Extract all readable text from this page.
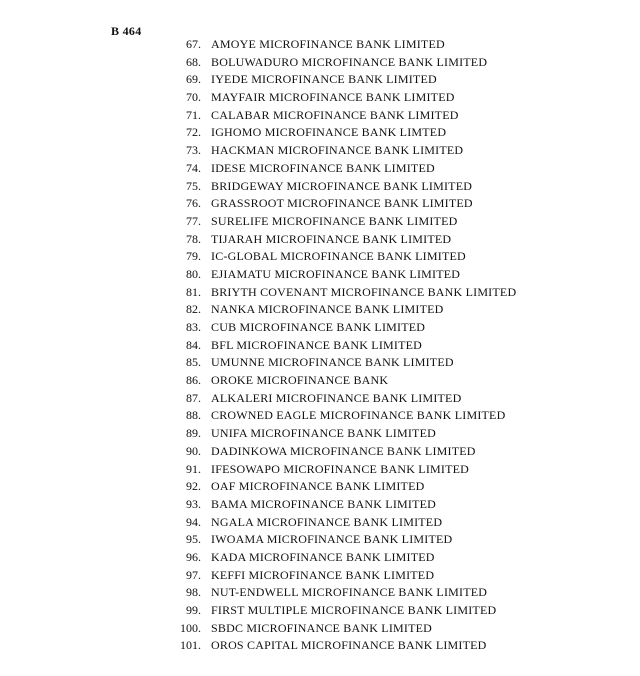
B 464
67. AMOYE MICROFINANCE BANK LIMITED
68. BOLUWADURO MICROFINANCE BANK LIMITED
69. IYEDE MICROFINANCE BANK LIMITED
70. MAYFAIR MICROFINANCE BANK LIMITED
71. CALABAR MICROFINANCE BANK LIMITED
72. IGHOMO MICROFINANCE BANK LIMTED
73. HACKMAN MICROFINANCE BANK LIMITED
74. IDESE MICROFINANCE BANK LIMITED
75. BRIDGEWAY MICROFINANCE BANK LIMITED
76. GRASSROOT MICROFINANCE BANK LIMITED
77. SURELIFE MICROFINANCE BANK LIMITED
78. TIJARAH MICROFINANCE BANK LIMITED
79. IC-GLOBAL MICROFINANCE BANK LIMITED
80. EJIAMATU MICROFINANCE BANK LIMITED
81. BRIYTH COVENANT MICROFINANCE BANK LIMITED
82. NANKA MICROFINANCE BANK LIMITED
83. CUB MICROFINANCE BANK LIMITED
84. BFL MICROFINANCE BANK LIMITED
85. UMUNNE MICROFINANCE BANK LIMITED
86. OROKE MICROFINANCE BANK
87. ALKALERI MICROFINANCE BANK LIMITED
88. CROWNED EAGLE MICROFINANCE BANK LIMITED
89. UNIFA MICROFINANCE BANK LIMITED
90. DADINKOWA MICROFINANCE BANK LIMITED
91. IFESOWAPO MICROFINANCE BANK LIMITED
92. OAF MICROFINANCE BANK LIMITED
93. BAMA MICROFINANCE BANK LIMITED
94. NGALA MICROFINANCE BANK LIMITED
95. IWOAMA MICROFINANCE BANK LIMITED
96. KADA MICROFINANCE BANK LIMITED
97. KEFFI MICROFINANCE BANK LIMITED
98. NUT-ENDWELL MICROFINANCE BANK LIMITED
99. FIRST MULTIPLE MICROFINANCE BANK LIMITED
100. SBDC MICROFINANCE BANK LIMITED
101. OROS CAPITAL MICROFINANCE BANK LIMITED
